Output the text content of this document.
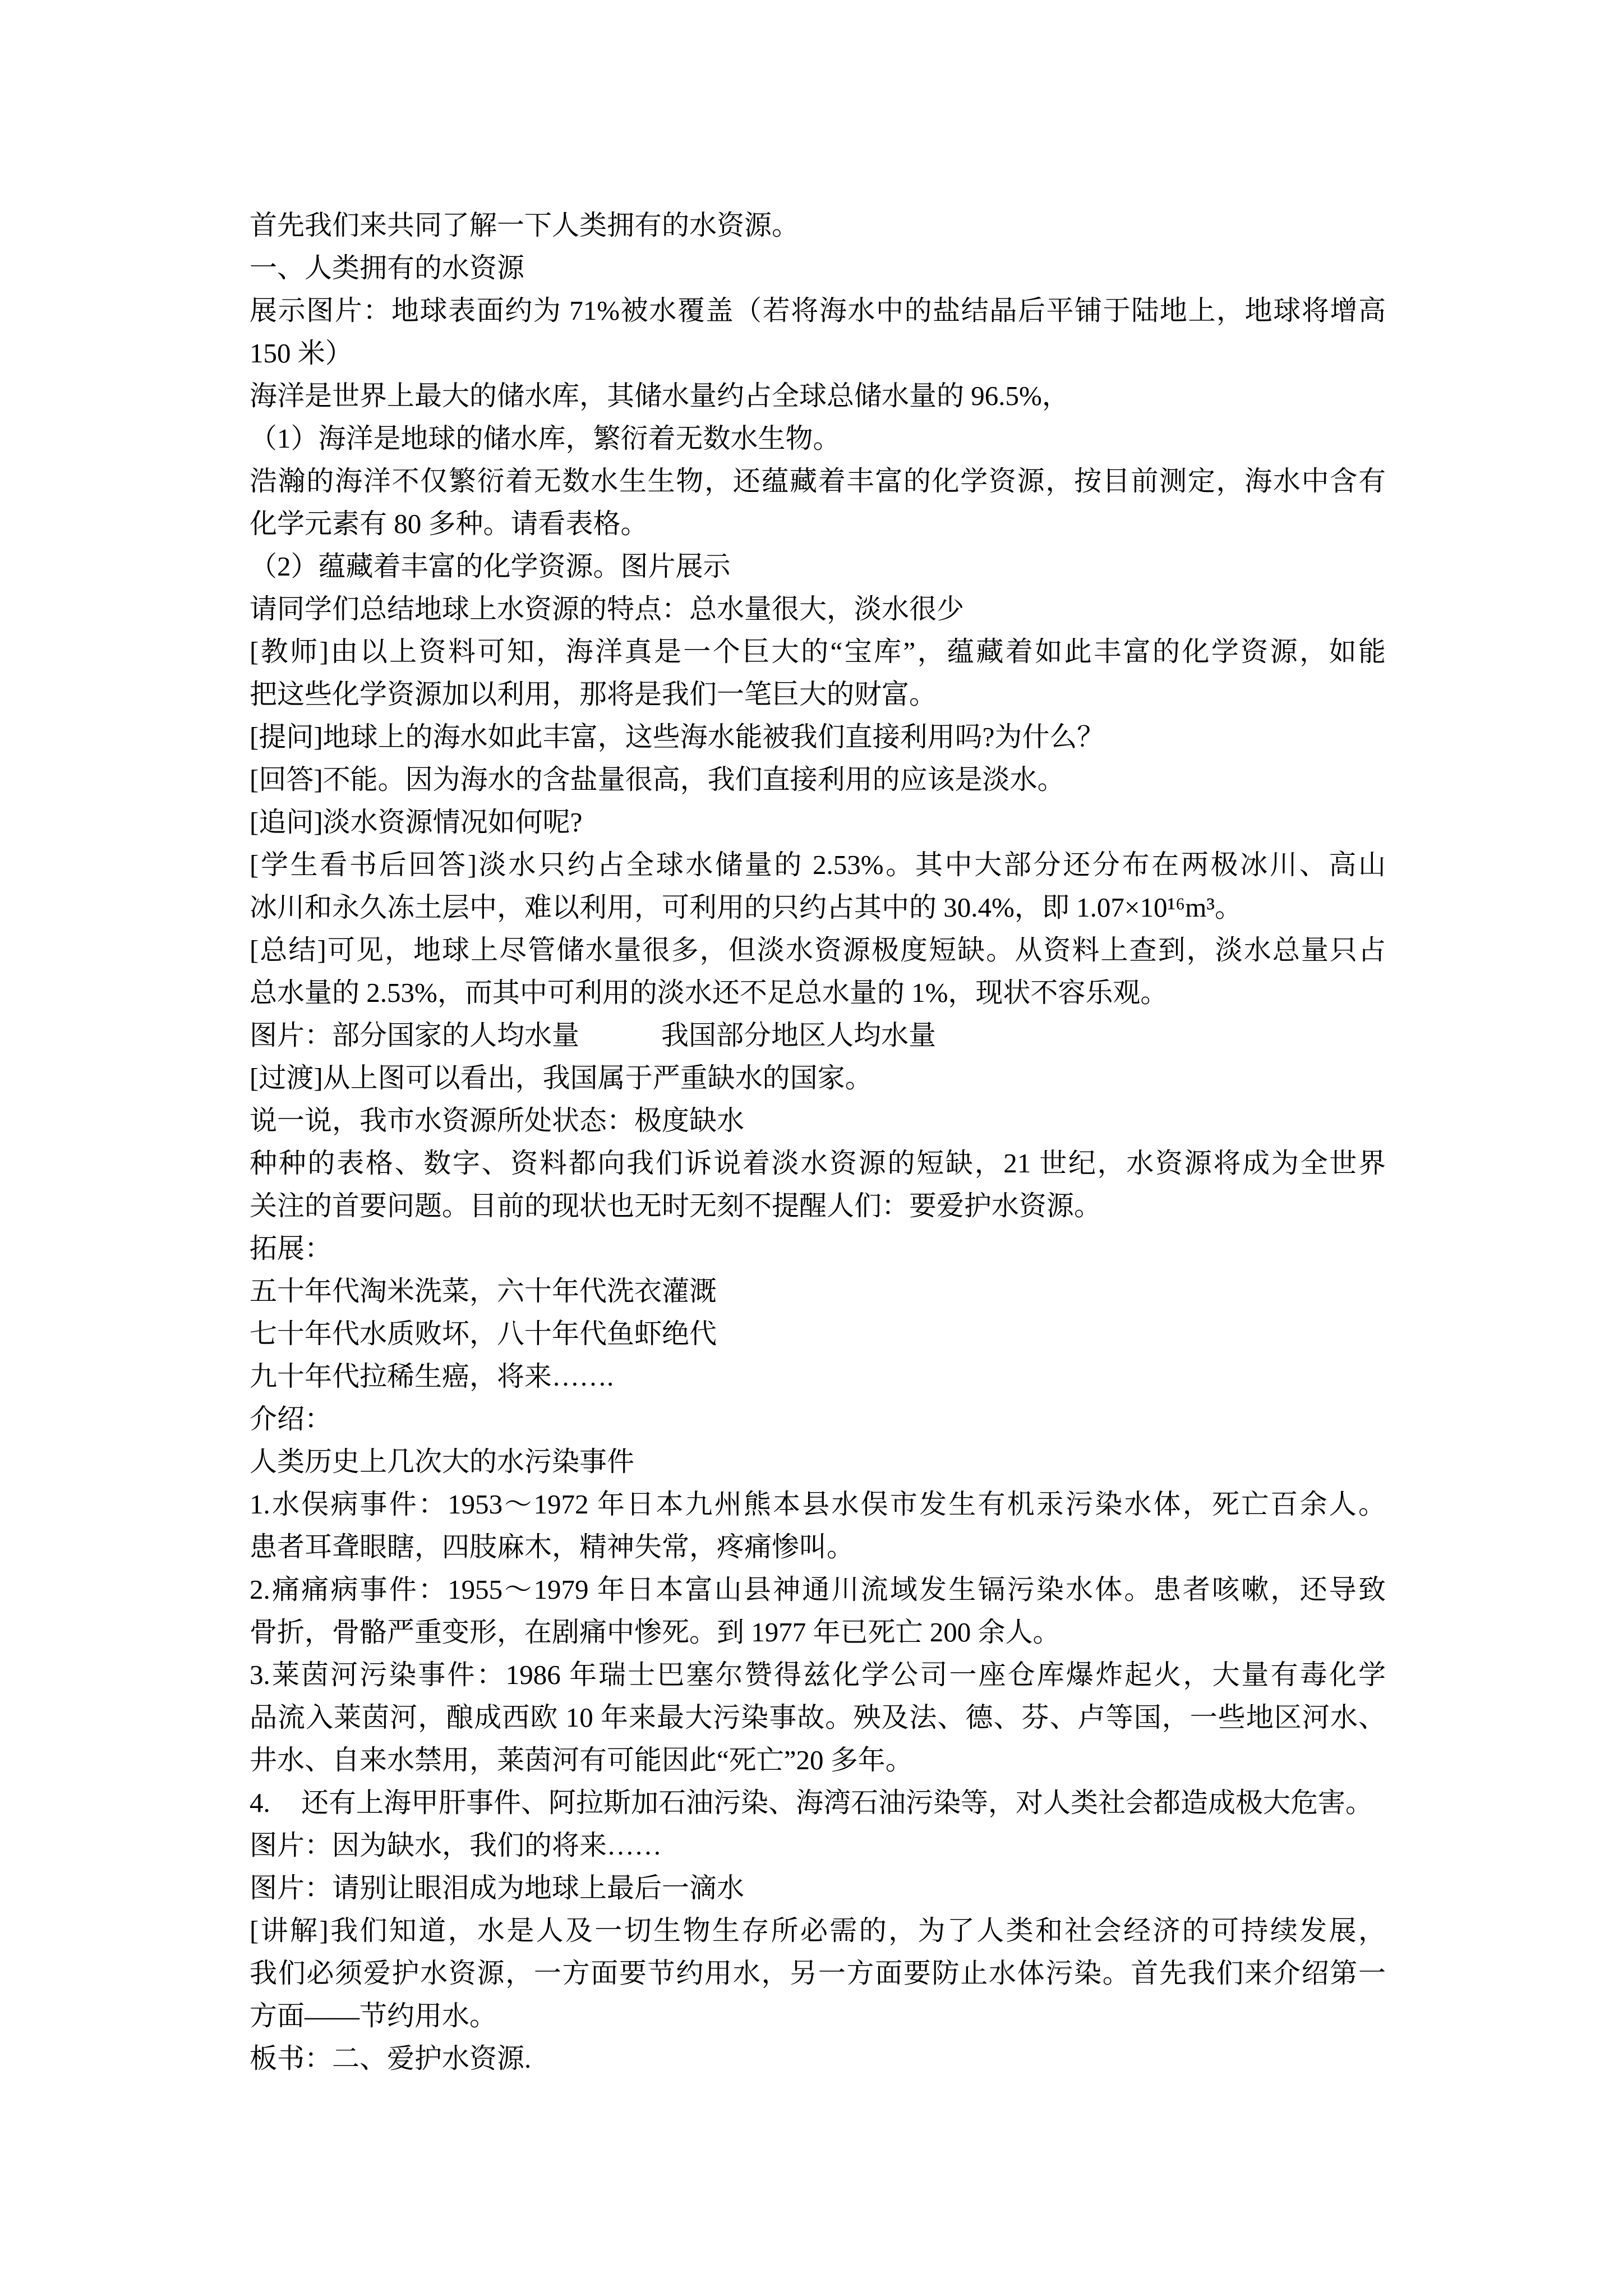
首先我们来共同了解一下人类拥有的水资源。
一、人类拥有的水资源
展示图片：地球表面约为 71%被水覆盖（若将海水中的盐结晶后平铺于陆地上，地球将增高
150 米）
海洋是世界上最大的储水库，其储水量约占全球总储水量的 96.5%，
（1）海洋是地球的储水库，繁衍着无数水生物。
浩瀚的海洋不仅繁衍着无数水生生物，还蕴藏着丰富的化学资源，按目前测定，海水中含有
化学元素有 80 多种。请看表格。
（2）蕴藏着丰富的化学资源。图片展示
请同学们总结地球上水资源的特点：总水量很大，淡水很少
[教师]由以上资料可知，海洋真是一个巨大的“宝库”，蕴藏着如此丰富的化学资源，如能
把这些化学资源加以利用，那将是我们一笔巨大的财富。
[提问]地球上的海水如此丰富，这些海水能被我们直接利用吗?为什么？
[回答]不能。因为海水的含盐量很高，我们直接利用的应该是淡水。
[追问]淡水资源情况如何呢?
[学生看书后回答]淡水只约占全球水储量的 2.53%。其中大部分还分布在两极冰川、高山
冰川和永久冻土层中，难以利用，可利用的只约占其中的 30.4%，即 1.07×10¹⁶m³。
[总结]可见，地球上尽管储水量很多，但淡水资源极度短缺。从资料上查到，淡水总量只占
总水量的 2.53%，而其中可利用的淡水还不足总水量的 1%，现状不容乐观。
图片：部分国家的人均水量	我国部分地区人均水量
[过渡]从上图可以看出，我国属于严重缺水的国家。
说一说，我市水资源所处状态：极度缺水
种种的表格、数字、资料都向我们诉说着淡水资源的短缺，21 世纪，水资源将成为全世界
关注的首要问题。目前的现状也无时无刻不提醒人们：要爱护水资源。
拓展：
五十年代淘米洗菜，六十年代洗衣灌溉
七十年代水质败坏，八十年代鱼虾绝代
九十年代拉稀生癌，将来…….
介绍：
人类历史上几次大的水污染事件
1.水俣病事件：1953～1972 年日本九州熊本县水俣市发生有机汞污染水体，死亡百余人。
患者耳聋眼瞎，四肢麻木，精神失常，疼痛惨叫。
2.痛痛病事件：1955～1979 年日本富山县神通川流域发生镉污染水体。患者咳嗽，还导致
骨折，骨骼严重变形，在剧痛中惨死。到 1977 年已死亡 200 余人。
3.莱茵河污染事件：1986 年瑞士巴塞尔赞得兹化学公司一座仓库爆炸起火，大量有毒化学
品流入莱茵河，酿成西欧 10 年来最大污染事故。殃及法、德、芬、卢等国，一些地区河水、
井水、自来水禁用，莱茵河有可能因此“死亡”20 多年。
4. 还有上海甲肝事件、阿拉斯加石油污染、海湾石油污染等，对人类社会都造成极大危害。
图片：因为缺水，我们的将来……
图片：请别让眼泪成为地球上最后一滴水
[讲解]我们知道，水是人及一切生物生存所必需的，为了人类和社会经济的可持续发展，
我们必须爱护水资源，一方面要节约用水，另一方面要防止水体污染。首先我们来介绍第一
方面——节约用水。
板书：二、爱护水资源.
